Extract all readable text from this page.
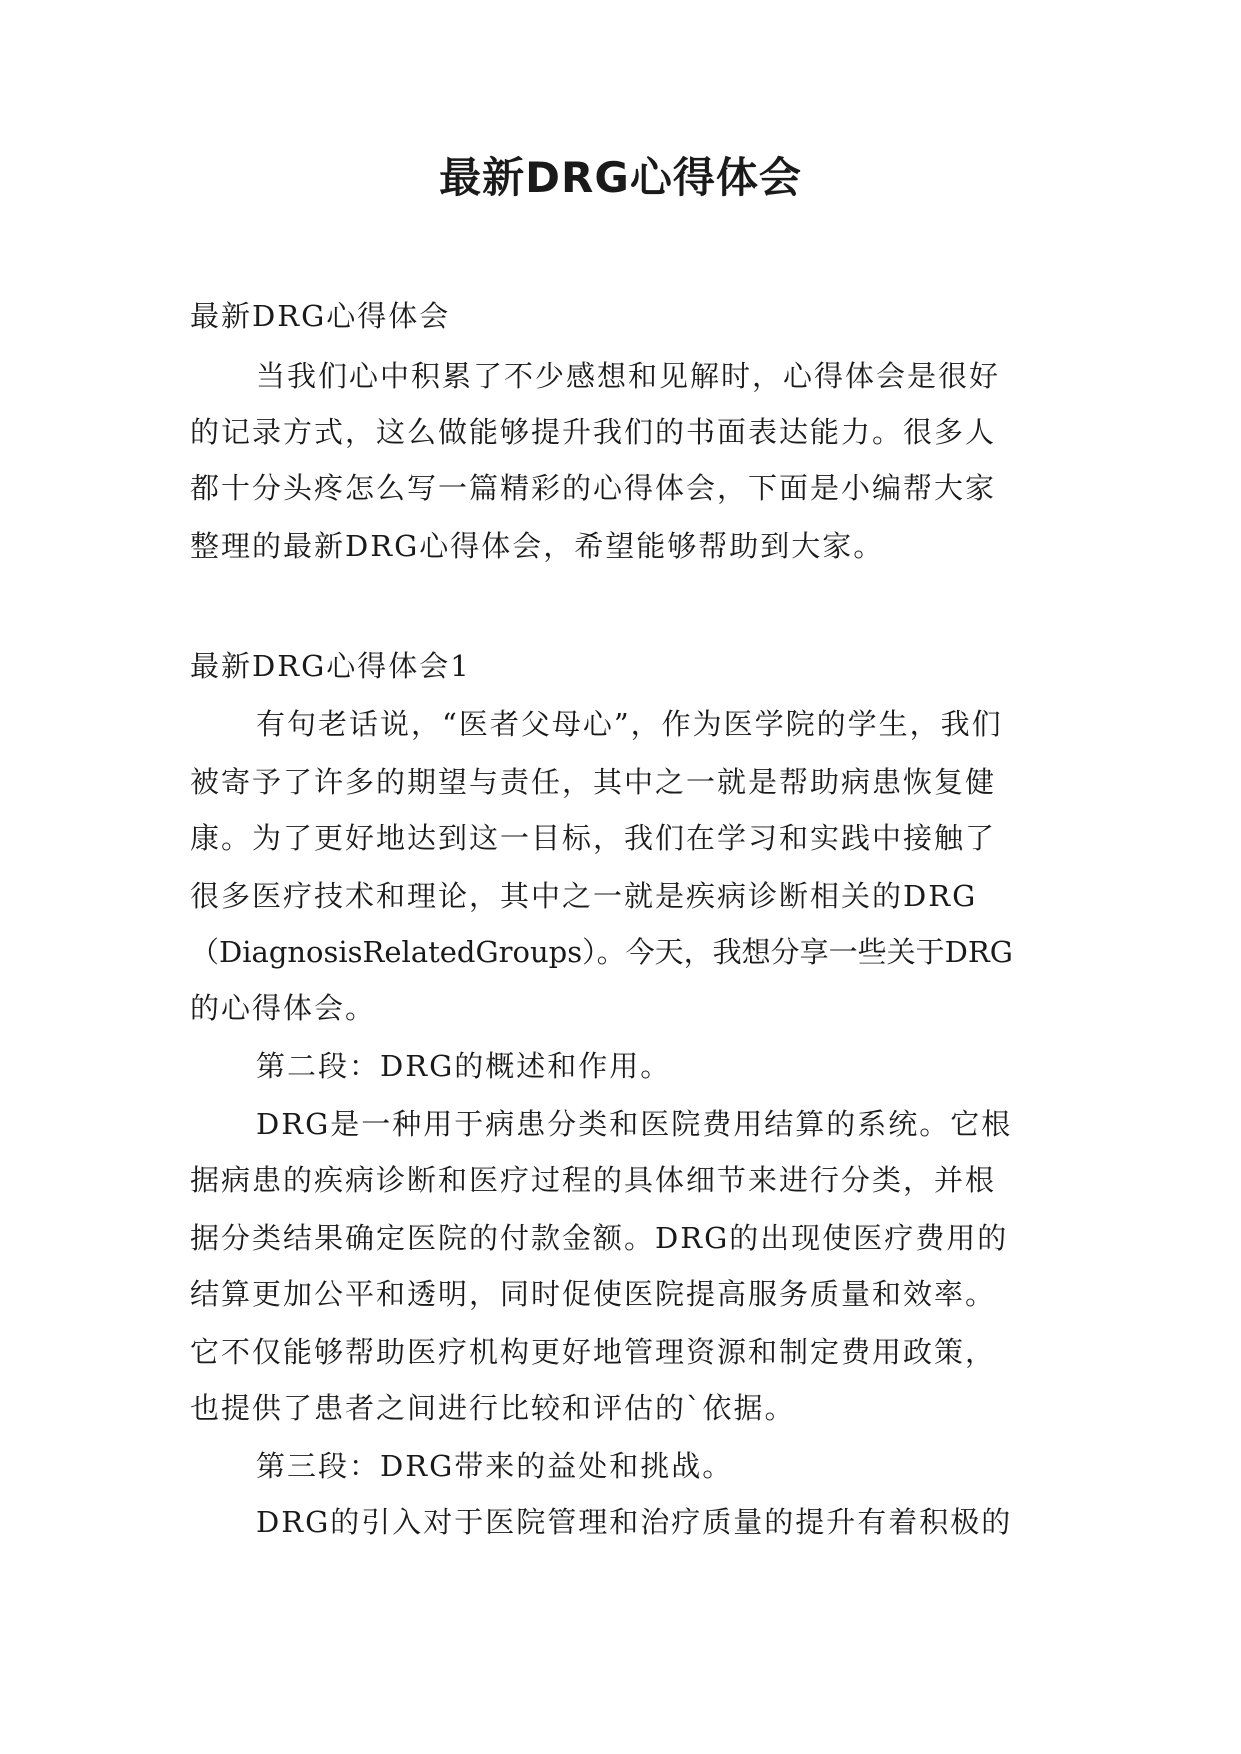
最新DRG心得体会
最新DRG心得体会
当我们心中积累了不少感想和见解时，心得体会是很好
的记录方式，这么做能够提升我们的书面表达能力。很多人
都十分头疼怎么写一篇精彩的心得体会，下面是小编帮大家
整理的最新DRG心得体会，希望能够帮助到大家。
最新DRG心得体会1
有句老话说，“医者父母心”，作为医学院的学生，我们
被寄予了许多的期望与责任，其中之一就是帮助病患恢复健
康。为了更好地达到这一目标，我们在学习和实践中接触了
很多医疗技术和理论，其中之一就是疾病诊断相关的DRG
（DiagnosisRelatedGroups）。今天，我想分享一些关于DRG
的心得体会。
第二段：DRG的概述和作用。
DRG是一种用于病患分类和医院费用结算的系统。它根
据病患的疾病诊断和医疗过程的具体细节来进行分类，并根
据分类结果确定医院的付款金额。DRG的出现使医疗费用的
结算更加公平和透明，同时促使医院提高服务质量和效率。
它不仅能够帮助医疗机构更好地管理资源和制定费用政策，
也提供了患者之间进行比较和评估的`依据。
第三段：DRG带来的益处和挑战。
DRG的引入对于医院管理和治疗质量的提升有着积极的
